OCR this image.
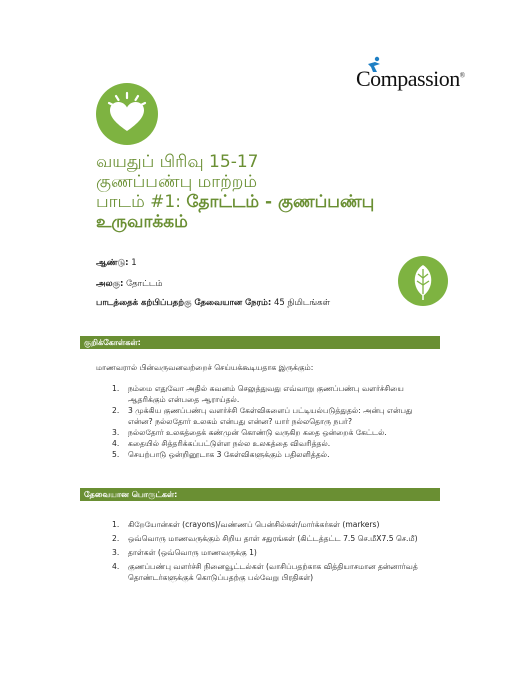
Compassion®
வயதுப் பிரிவு 15-17
குணப்பண்பு மாற்றம்
பாடம் #1: தோட்டம் - குணப்பண்பு
உருவாக்கம்
ஆண்டு: 1
அலகு: தோட்டம்
பாடத்தைக் கற்பிப்பதற்கு தேவையான நேரம்: 45 நிமிடங்கள்
குறிக்கோள்கள்:
மாணவரால் பின்வருவனவற்றைச் செய்யக்கூடியதாக இருக்கும்:
1. நம்மை எதுவோ அதில் கவனம் செலுத்துவது எவ்வாறு குணப்பண்பு வளர்ச்சியை ஆதரிக்கும் என்பதை ஆராய்தல்.
2. 3 முக்கிய குணப்பண்பு வளர்ச்சி கேள்விகளைப் பட்டியல்படுத்துதல்: அன்பு என்பது என்ன? நல்லதோர் உலகம் என்பது என்ன? யார் நல்லதொரு நபர்?
3. நல்லதோர் உலகத்தைக் கண்முன் கொண்டு வருகிற கதை ஒன்றைக் கேட்டல்.
4. கதையில் சித்தரிக்கப்பட்டுள்ள நல்ல உலகத்தை விவரித்தல்.
5. செயற்பாடு ஒன்றினூடாக 3 கேள்விகளுக்கும் பதிலளித்தல்.
தேவையான பொருட்கள்:
1. கிறேயோன்கள் (crayons)/வண்ணப் பென்சில்கள்/மார்க்கர்கள் (markers)
2. ஒவ்வொரு மாணவருக்கும் சிறிய தாள் சதுரங்கள் (கிட்டத்தட்ட 7.5 செ.மீX7.5 செ.மீ)
3. தாள்கள் (ஒவ்வொரு மாணவருக்கு 1)
4. குணப்பண்பு வளர்ச்சி நினைவூட்டல்கள் (வாசிப்பதற்காக வித்தியாசமான தன்னார்வத் தொண்டர்களுக்குக் கொடுப்பதற்கு பல்வேறு பிரதிகள்)
